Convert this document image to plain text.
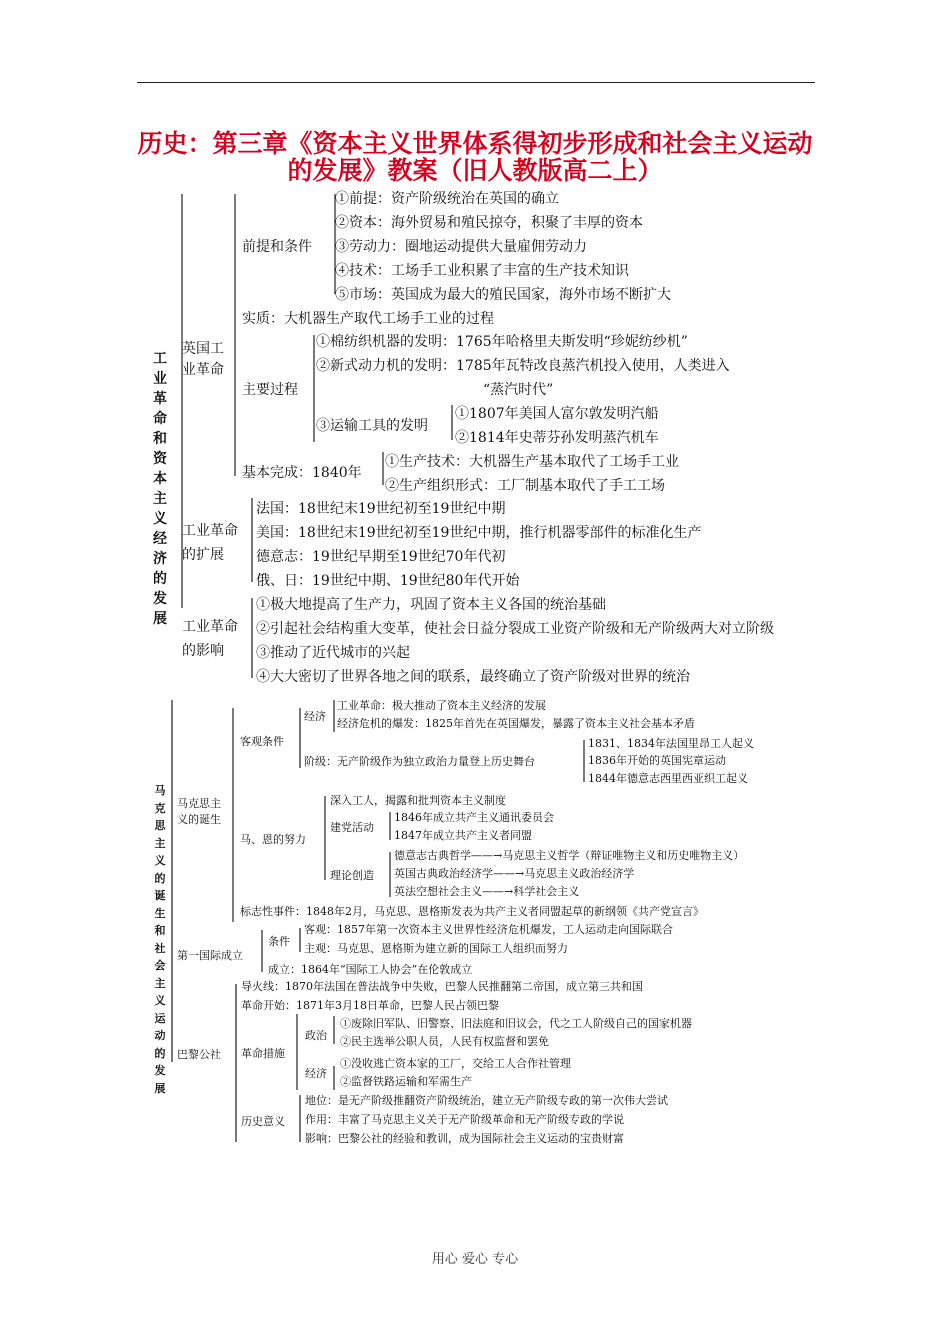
历史：第三章《资本主义世界体系得初步形成和社会主义运动
的发展》教案（旧人教版高二上）
工业革命和资本主义经济的发展
英国工
业革命
前提和条件
①前提：资产阶级统治在英国的确立
②资本：海外贸易和殖民掠夺，积聚了丰厚的资本
③劳动力：圈地运动提供大量雇佣劳动力
④技术：工场手工业积累了丰富的生产技术知识
⑤市场：英国成为最大的殖民国家，海外市场不断扩大
实质：大机器生产取代工场手工业的过程
主要过程
①棉纺织机器的发明：1765年哈格里夫斯发明“珍妮纺纱机”
②新式动力机的发明：1785年瓦特改良蒸汽机投入使用，人类进入
“蒸汽时代”
③运输工具的发明
①1807年美国人富尔敦发明汽船
②1814年史蒂芬孙发明蒸汽机车
基本完成：1840年
①生产技术：大机器生产基本取代了工场手工业
②生产组织形式：工厂制基本取代了手工工场
工业革命
的扩展
法国：18世纪末19世纪初至19世纪中期
美国：18世纪末19世纪初至19世纪中期，推行机器零部件的标准化生产
德意志：19世纪早期至19世纪70年代初
俄、日：19世纪中期、19世纪80年代开始
工业革命
的影响
①极大地提高了生产力，巩固了资本主义各国的统治基础
②引起社会结构重大变革，使社会日益分裂成工业资产阶级和无产阶级两大对立阶级
③推动了近代城市的兴起
④大大密切了世界各地之间的联系，最终确立了资产阶级对世界的统治
马克思主义的诞生和社会主义运动的发展
马克思主
义的诞生
客观条件
经济
工业革命：极大推动了资本主义经济的发展
经济危机的爆发：1825年首先在英国爆发，暴露了资本主义社会基本矛盾
阶级：无产阶级作为独立政治力量登上历史舞台
1831、1834年法国里昂工人起义
1836年开始的英国宪章运动
1844年德意志西里西亚织工起义
马、恩的努力
深入工人，揭露和批判资本主义制度
建党活动
1846年成立共产主义通讯委员会
1847年成立共产主义者同盟
理论创造
德意志古典哲学——→马克思主义哲学（辩证唯物主义和历史唯物主义）
英国古典政治经济学——→马克思主义政治经济学
英法空想社会主义——→科学社会主义
标志性事件：1848年2月，马克思、恩格斯发表为共产主义者同盟起草的新纲领《共产党宣言》
第一国际成立
条件
客观：1857年第一次资本主义世界性经济危机爆发，工人运动走向国际联合
主观：马克思、恩格斯为建立新的国际工人组织而努力
成立：1864年“国际工人协会”在伦敦成立
巴黎公社
导火线：1870年法国在普法战争中失败，巴黎人民推翻第二帝国，成立第三共和国
革命开始：1871年3月18日革命，巴黎人民占领巴黎
革命措施
政治
①废除旧军队、旧警察、旧法庭和旧议会，代之工人阶级自己的国家机器
②民主选举公职人员，人民有权监督和罢免
经济
①没收逃亡资本家的工厂，交给工人合作社管理
②监督铁路运输和军需生产
历史意义
地位：是无产阶级推翻资产阶级统治，建立无产阶级专政的第一次伟大尝试
作用：丰富了马克思主义关于无产阶级革命和无产阶级专政的学说
影响：巴黎公社的经验和教训，成为国际社会主义运动的宝贵财富
用心 爱心 专心
